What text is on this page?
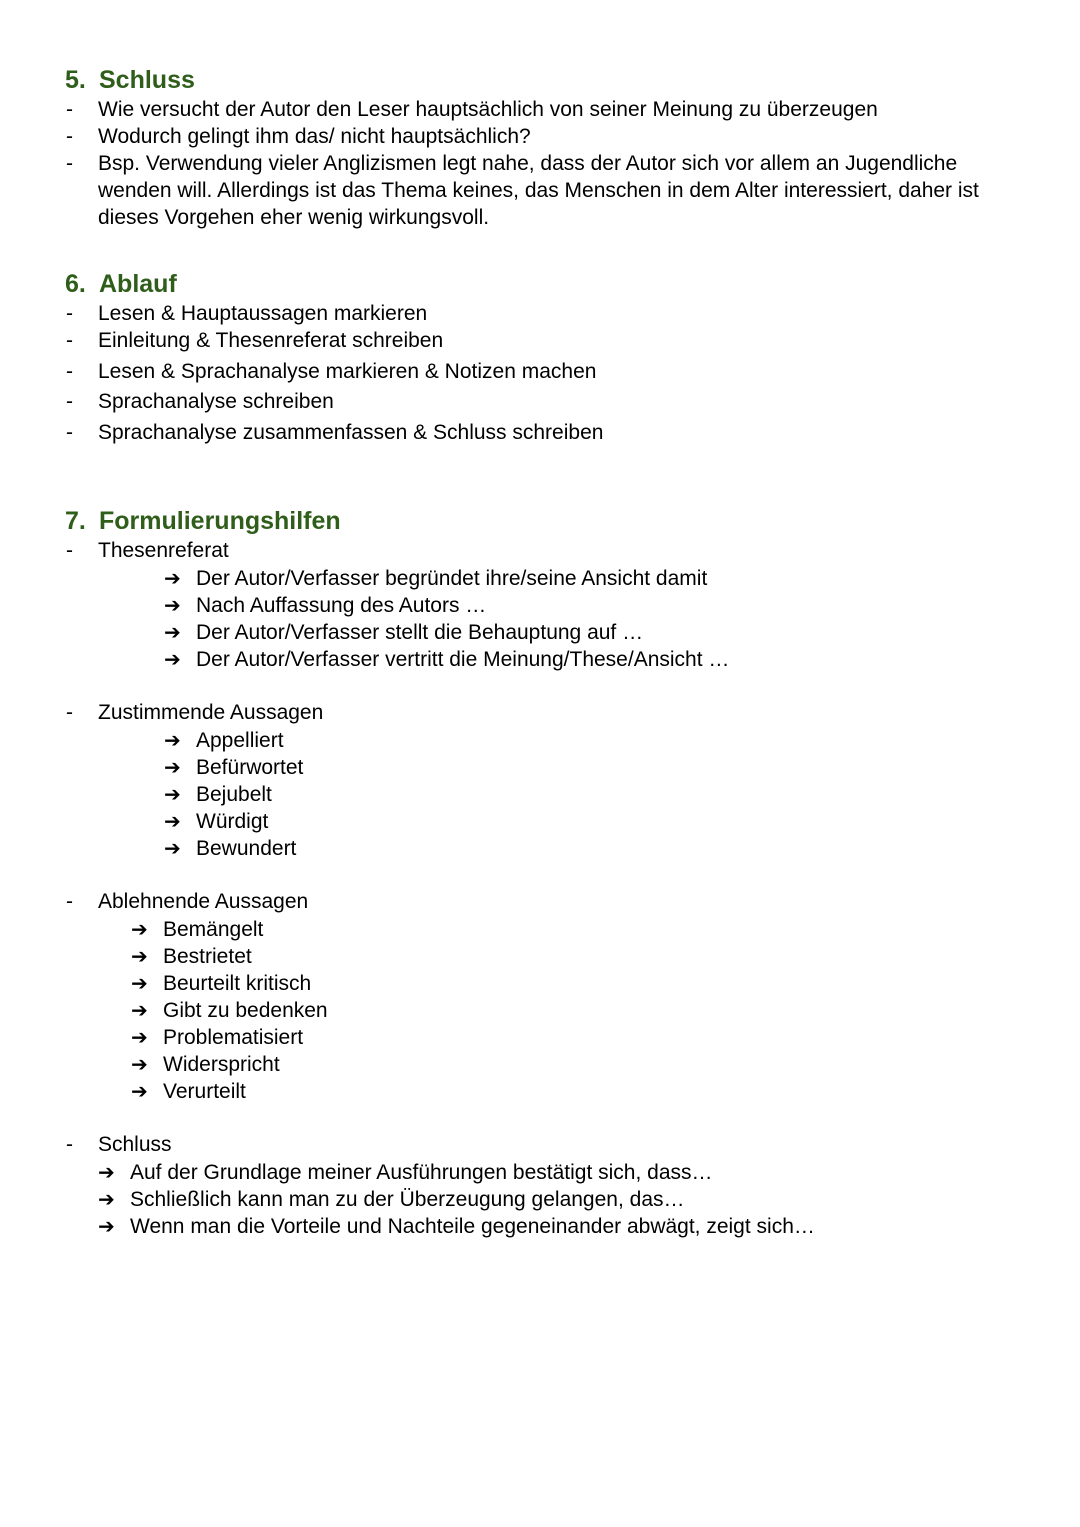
5. Schluss
- Wie versucht der Autor den Leser hauptsächlich von seiner Meinung zu überzeugen
- Wodurch gelingt ihm das/ nicht hauptsächlich?
- Bsp. Verwendung vieler Anglizismen legt nahe, dass der Autor sich vor allem an Jugendliche
wenden will. Allerdings ist das Thema keines, das Menschen in dem Alter interessiert, daher ist
dieses Vorgehen eher wenig wirkungsvoll.
6. Ablauf
- Lesen & Hauptaussagen markieren
- Einleitung & Thesenreferat schreiben
- Lesen & Sprachanalyse markieren & Notizen machen
- Sprachanalyse schreiben
- Sprachanalyse zusammenfassen & Schluss schreiben
7. Formulierungshilfen
- Thesenreferat
➔ Der Autor/Verfasser begründet ihre/seine Ansicht damit
➔ Nach Auffassung des Autors …
➔ Der Autor/Verfasser stellt die Behauptung auf …
➔ Der Autor/Verfasser vertritt die Meinung/These/Ansicht …
- Zustimmende Aussagen
➔ Appelliert
➔ Befürwortet
➔ Bejubelt
➔ Würdigt
➔ Bewundert
- Ablehnende Aussagen
➔ Bemängelt
➔ Bestrietet
➔ Beurteilt kritisch
➔ Gibt zu bedenken
➔ Problematisiert
➔ Widerspricht
➔ Verurteilt
- Schluss
➔ Auf der Grundlage meiner Ausführungen bestätigt sich, dass…
➔ Schließlich kann man zu der Überzeugung gelangen, das…
➔ Wenn man die Vorteile und Nachteile gegeneinander abwägt, zeigt sich…
